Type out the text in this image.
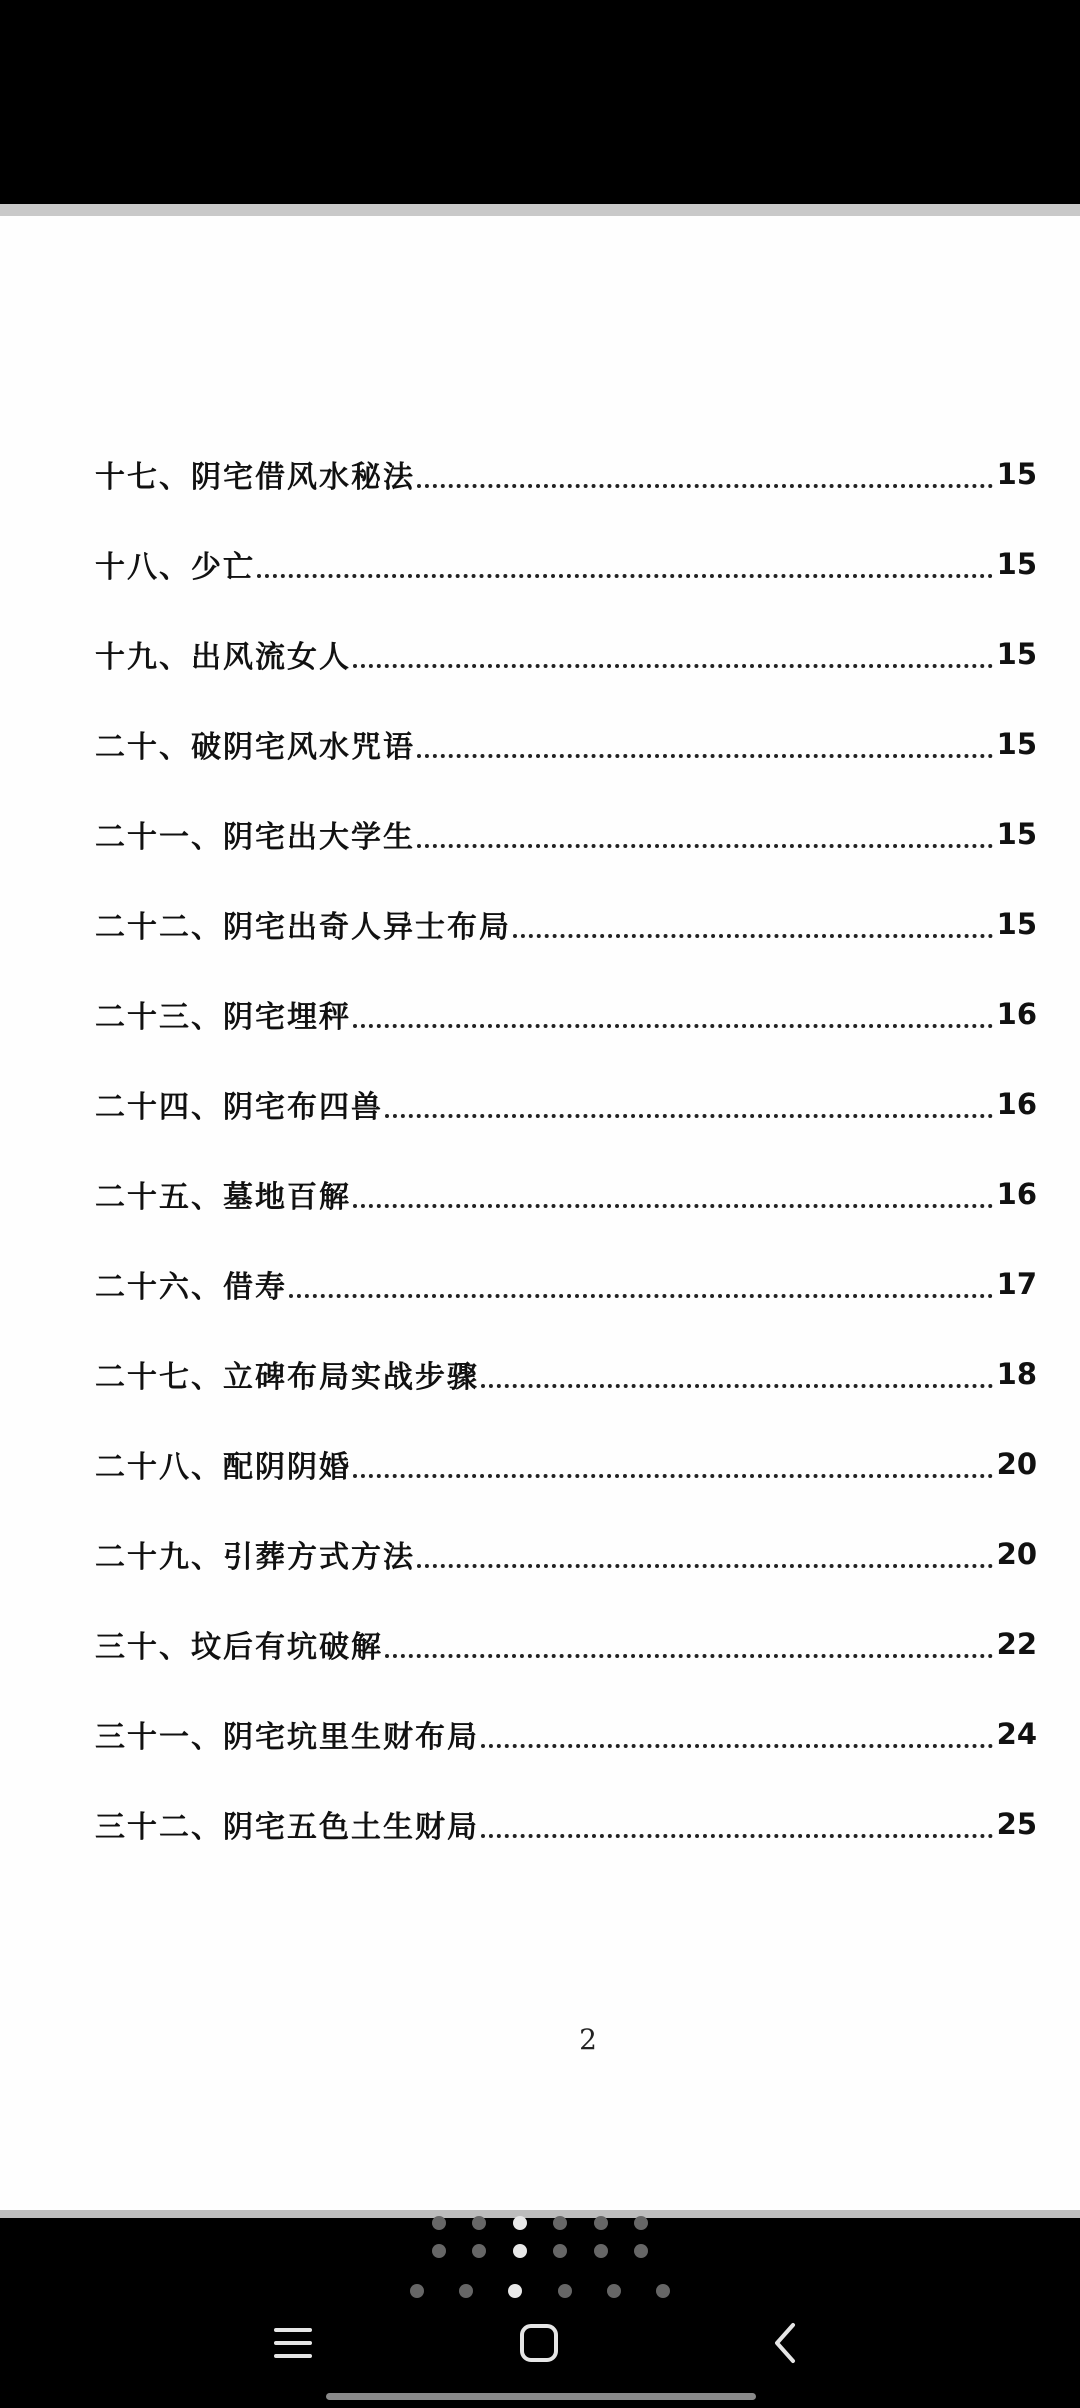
十七、阴宅借风水秘法	15
十八、少亡	15
十九、出风流女人	15
二十、破阴宅风水咒语	15
二十一、阴宅出大学生	15
二十二、阴宅出奇人异士布局	15
二十三、阴宅埋秤	16
二十四、阴宅布四兽	16
二十五、墓地百解	16
二十六、借寿	17
二十七、立碑布局实战步骤	18
二十八、配阴阴婚	20
二十九、引葬方式方法	20
三十、坟后有坑破解	22
三十一、阴宅坑里生财布局	24
三十二、阴宅五色土生财局	25
2
